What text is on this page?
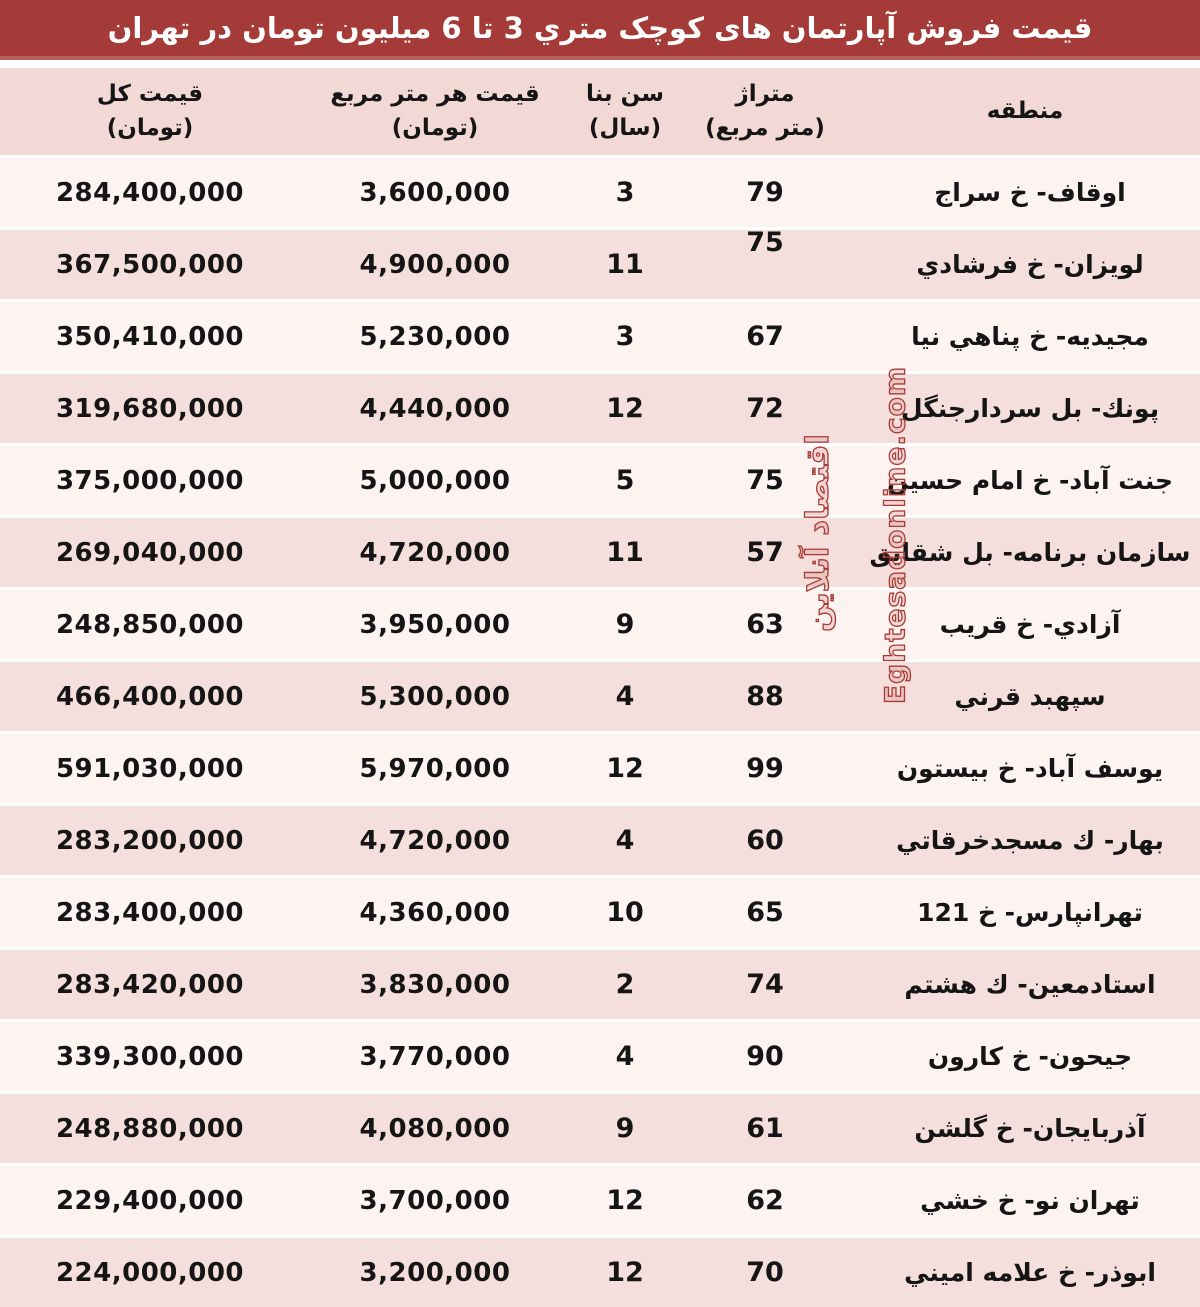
قیمت فروش آپارتمان های کوچک متري 3 تا 6 میلیون تومان در تهران
منطقه
متراژ
(متر مربع)
سن بنا
(سال)
قیمت هر متر مربع
(تومان)
قیمت کل
(تومان)
اوقاف- خ سراج
79
3
3,600,000
284,400,000
لویزان- خ فرشادي
75
11
4,900,000
367,500,000
مجیدیه- خ پناهي نیا
67
3
5,230,000
350,410,000
پونك- بل سردارجنگل
72
12
4,440,000
319,680,000
جنت آباد- خ امام حسین
75
5
5,000,000
375,000,000
سازمان برنامه- بل شقایق
57
11
4,720,000
269,040,000
آزادي- خ قریب
63
9
3,950,000
248,850,000
سپهبد قرني
88
4
5,300,000
466,400,000
یوسف آباد- خ بیستون
99
12
5,970,000
591,030,000
بهار- ك مسجدخرقاتي
60
4
4,720,000
283,200,000
تهرانپارس- خ 121
65
10
4,360,000
283,400,000
استادمعین- ك هشتم
74
2
3,830,000
283,420,000
جیحون- خ كارون
90
4
3,770,000
339,300,000
آذربایجان- خ گلشن
61
9
4,080,000
248,880,000
تهران نو- خ خشي
62
12
3,700,000
229,400,000
ابوذر- خ علامه امیني
70
12
3,200,000
224,000,000
